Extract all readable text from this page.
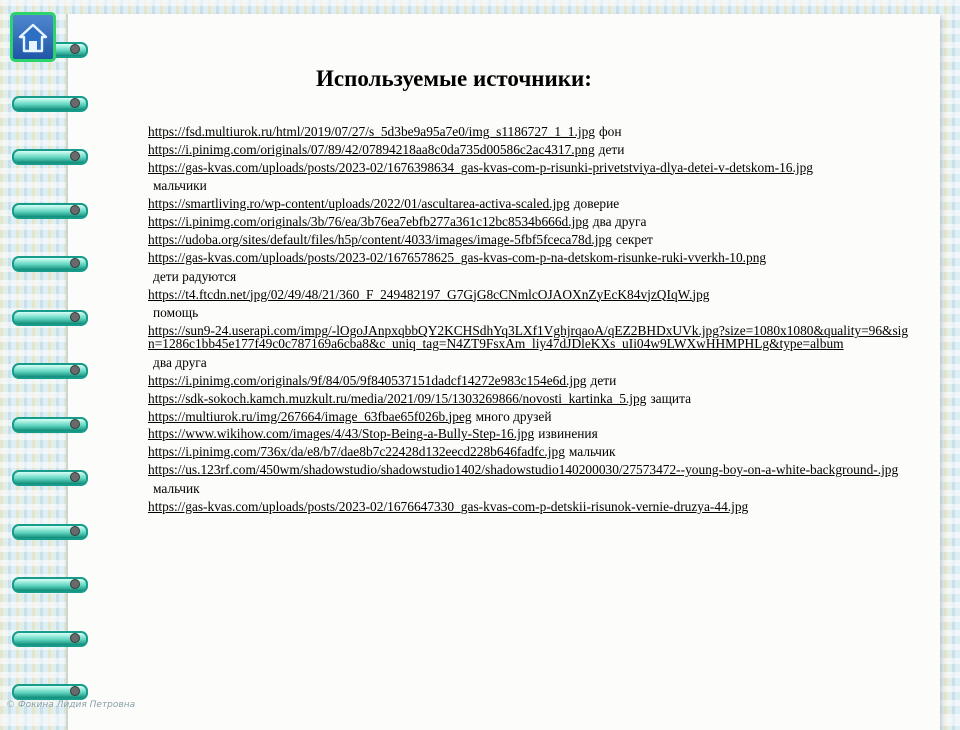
Используемые источники:
https://fsd.multiurok.ru/html/2019/07/27/s_5d3be9a95a7e0/img_s1186727_1_1.jpg фон
https://i.pinimg.com/originals/07/89/42/07894218aa8c0da735d00586c2ac4317.png дети
https://gas-kvas.com/uploads/posts/2023-02/1676398634_gas-kvas-com-p-risunki-privetstviya-dlya-detei-v-detskom-16.jpg
мальчики
https://smartliving.ro/wp-content/uploads/2022/01/ascultarea-activa-scaled.jpg доверие
https://i.pinimg.com/originals/3b/76/ea/3b76ea7ebfb277a361c12bc8534b666d.jpg два друга
https://udoba.org/sites/default/files/h5p/content/4033/images/image-5fbf5fceca78d.jpg секрет
https://gas-kvas.com/uploads/posts/2023-02/1676578625_gas-kvas-com-p-na-detskom-risunke-ruki-vverkh-10.png
дети радуются
https://t4.ftcdn.net/jpg/02/49/48/21/360_F_249482197_G7GjG8cCNmlcOJAOXnZyEcK84vjzQIqW.jpg
помощь
https://sun9-24.userapi.com/impg/-lOgoJAnpxqbbQY2KCHSdhYq3LXf1VghjrqaoA/qEZ2BHDxUVk.jpg?size=1080x1080&quality=96&sign=1286c1bb45e177f49c0c787169a6cba8&c_uniq_tag=N4ZT9FsxAm_liy47dJDleKXs_uIi04w9LWXwHHMPHLg&type=album
два друга
https://i.pinimg.com/originals/9f/84/05/9f840537151dadcf14272e983c154e6d.jpg дети
https://sdk-sokoch.kamch.muzkult.ru/media/2021/09/15/1303269866/novosti_kartinka_5.jpg защита
https://multiurok.ru/img/267664/image_63fbae65f026b.jpeg много друзей
https://www.wikihow.com/images/4/43/Stop-Being-a-Bully-Step-16.jpg извинения
https://i.pinimg.com/736x/da/e8/b7/dae8b7c22428d132eecd228b646fadfc.jpg мальчик
https://us.123rf.com/450wm/shadowstudio/shadowstudio1402/shadowstudio140200030/27573472--young-boy-on-a-white-background-.jpg
мальчик
https://gas-kvas.com/uploads/posts/2023-02/1676647330_gas-kvas-com-p-detskii-risunok-vernie-druzya-44.jpg
© Фокина Лидия Петровна
